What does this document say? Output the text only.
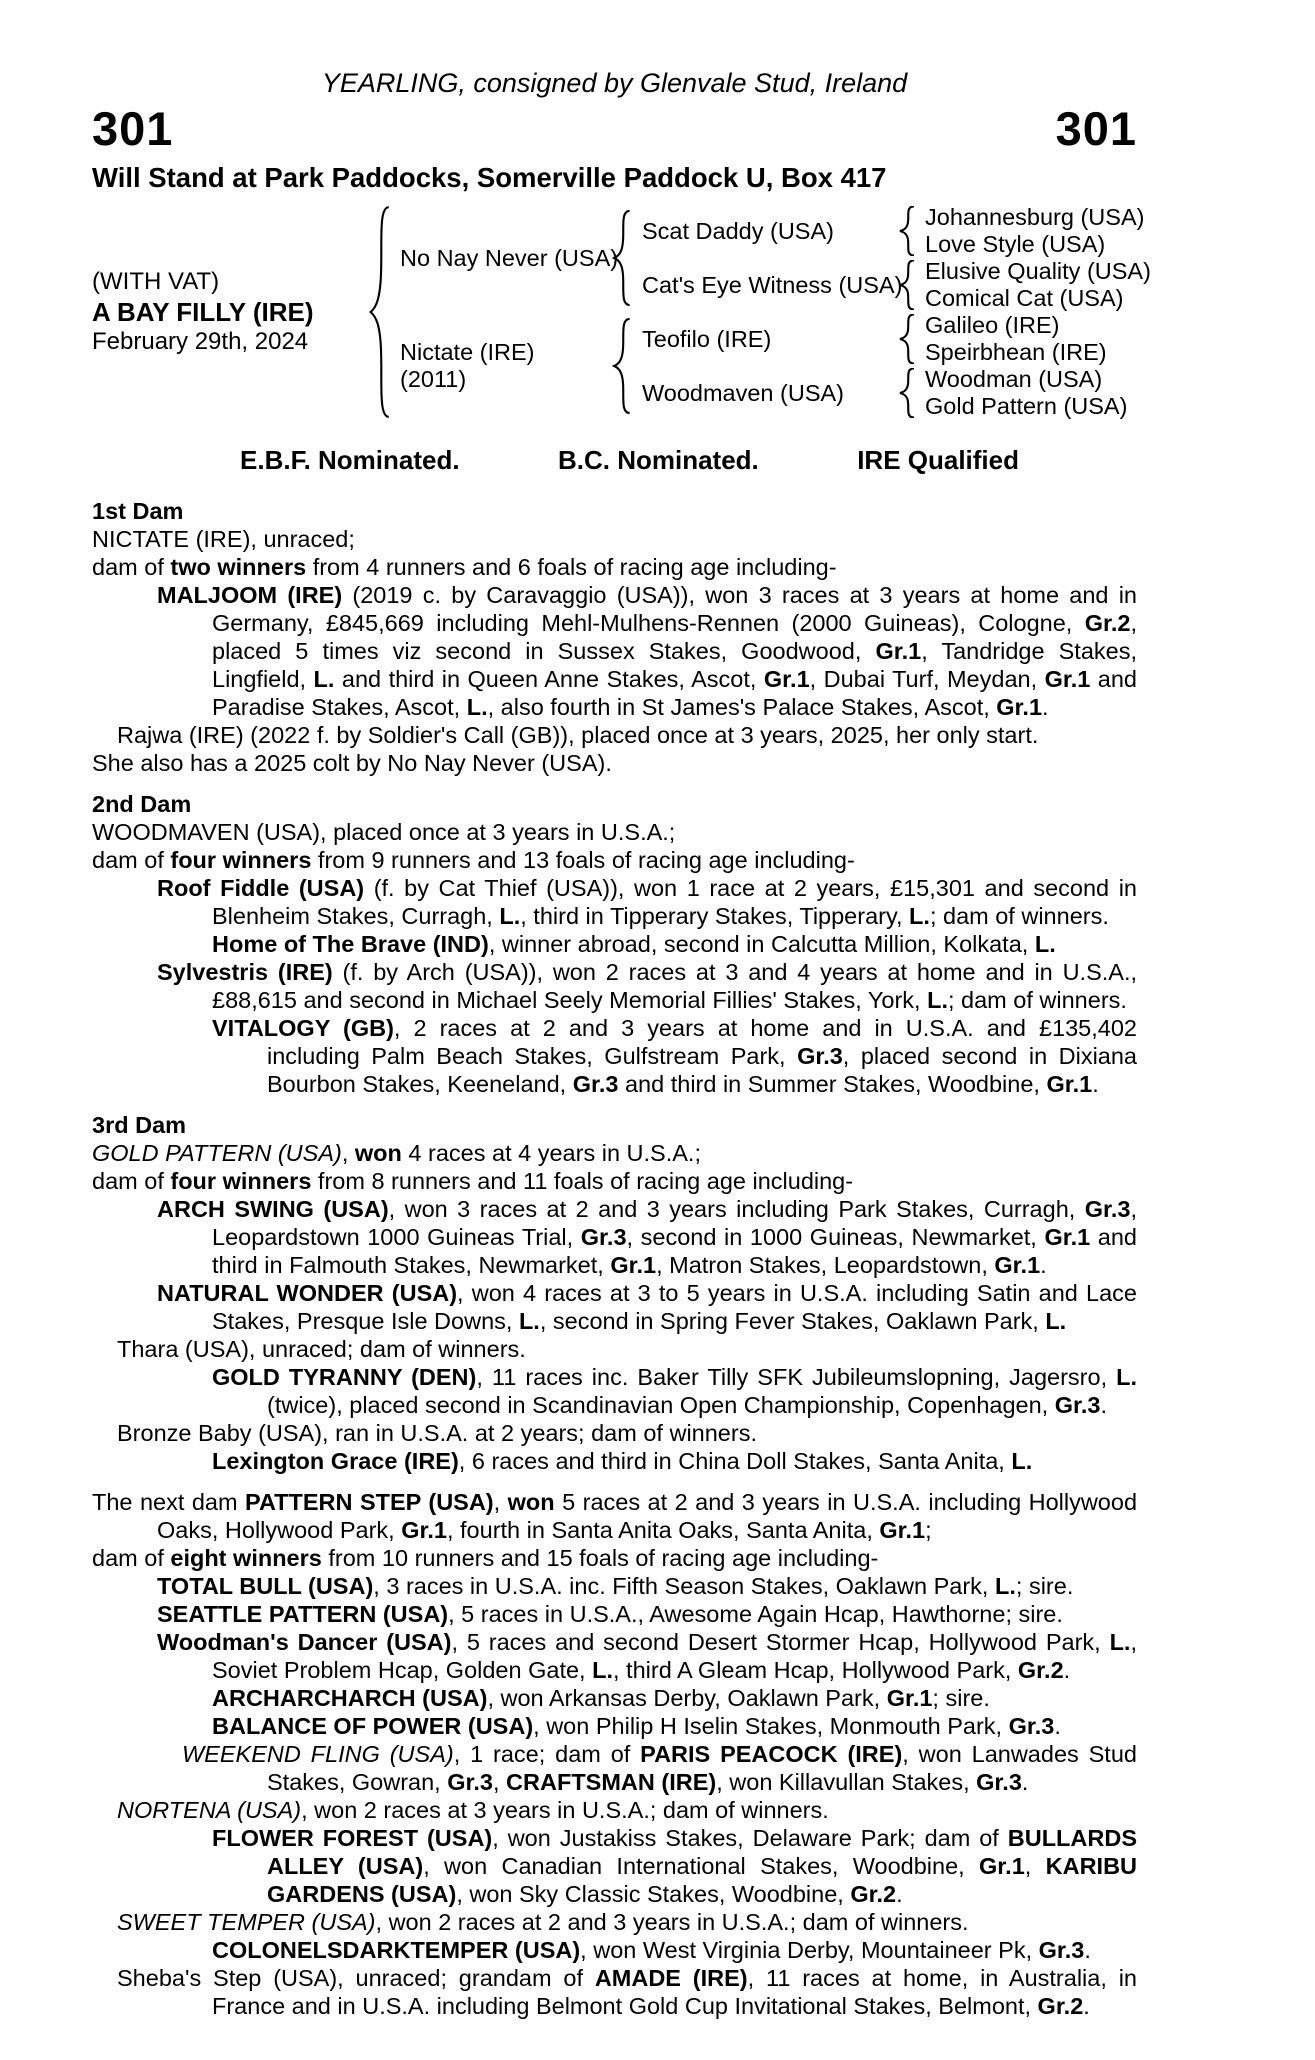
YEARLING, consigned by Glenvale Stud, Ireland
301	301
Will Stand at Park Paddocks, Somerville Paddock U, Box 417
(WITH VAT)
A BAY FILLY (IRE)
February 29th, 2024
No Nay Never (USA)
Scat Daddy (USA)
Johannesburg (USA)
Love Style (USA)
Cat's Eye Witness (USA)
Elusive Quality (USA)
Comical Cat (USA)
Nictate (IRE)
(2011)
Teofilo (IRE)
Galileo (IRE)
Speirbhean (IRE)
Woodmaven (USA)
Woodman (USA)
Gold Pattern (USA)
E.B.F. Nominated.	B.C. Nominated.	IRE Qualified

1st Dam

NICTATE (IRE), unraced;

dam of two winners from 4 runners and 6 foals of racing age including-

MALJOOM (IRE) (2019 c. by Caravaggio (USA)), won 3 races at 3 years at home and in Germany, £845,669 including Mehl-Mulhens-Rennen (2000 Guineas), Cologne, Gr.2, placed 5 times viz second in Sussex Stakes, Goodwood, Gr.1, Tandridge Stakes, Lingfield, L. and third in Queen Anne Stakes, Ascot, Gr.1, Dubai Turf, Meydan, Gr.1 and Paradise Stakes, Ascot, L., also fourth in St James's Palace Stakes, Ascot, Gr.1.

Rajwa (IRE) (2022 f. by Soldier's Call (GB)), placed once at 3 years, 2025, her only start.

She also has a 2025 colt by No Nay Never (USA).

2nd Dam

WOODMAVEN (USA), placed once at 3 years in U.S.A.;

dam of four winners from 9 runners and 13 foals of racing age including-

Roof Fiddle (USA) (f. by Cat Thief (USA)), won 1 race at 2 years, £15,301 and second in Blenheim Stakes, Curragh, L., third in Tipperary Stakes, Tipperary, L.; dam of winners.

Home of The Brave (IND), winner abroad, second in Calcutta Million, Kolkata, L.

Sylvestris (IRE) (f. by Arch (USA)), won 2 races at 3 and 4 years at home and in U.S.A., £88,615 and second in Michael Seely Memorial Fillies' Stakes, York, L.; dam of winners.

VITALOGY (GB), 2 races at 2 and 3 years at home and in U.S.A. and £135,402 including Palm Beach Stakes, Gulfstream Park, Gr.3, placed second in Dixiana Bourbon Stakes, Keeneland, Gr.3 and third in Summer Stakes, Woodbine, Gr.1.

3rd Dam

GOLD PATTERN (USA), won 4 races at 4 years in U.S.A.;

dam of four winners from 8 runners and 11 foals of racing age including-

ARCH SWING (USA), won 3 races at 2 and 3 years including Park Stakes, Curragh, Gr.3, Leopardstown 1000 Guineas Trial, Gr.3, second in 1000 Guineas, Newmarket, Gr.1 and third in Falmouth Stakes, Newmarket, Gr.1, Matron Stakes, Leopardstown, Gr.1.

NATURAL WONDER (USA), won 4 races at 3 to 5 years in U.S.A. including Satin and Lace Stakes, Presque Isle Downs, L., second in Spring Fever Stakes, Oaklawn Park, L.

Thara (USA), unraced; dam of winners.

GOLD TYRANNY (DEN), 11 races inc. Baker Tilly SFK Jubileumslopning, Jagersro, L. (twice), placed second in Scandinavian Open Championship, Copenhagen, Gr.3.

Bronze Baby (USA), ran in U.S.A. at 2 years; dam of winners.

Lexington Grace (IRE), 6 races and third in China Doll Stakes, Santa Anita, L.

The next dam PATTERN STEP (USA), won 5 races at 2 and 3 years in U.S.A. including Hollywood Oaks, Hollywood Park, Gr.1, fourth in Santa Anita Oaks, Santa Anita, Gr.1;

dam of eight winners from 10 runners and 15 foals of racing age including-

TOTAL BULL (USA), 3 races in U.S.A. inc. Fifth Season Stakes, Oaklawn Park, L.; sire.

SEATTLE PATTERN (USA), 5 races in U.S.A., Awesome Again Hcap, Hawthorne; sire.

Woodman's Dancer (USA), 5 races and second Desert Stormer Hcap, Hollywood Park, L., Soviet Problem Hcap, Golden Gate, L., third A Gleam Hcap, Hollywood Park, Gr.2.

ARCHARCHARCH (USA), won Arkansas Derby, Oaklawn Park, Gr.1; sire.

BALANCE OF POWER (USA), won Philip H Iselin Stakes, Monmouth Park, Gr.3.

WEEKEND FLING (USA), 1 race; dam of PARIS PEACOCK (IRE), won Lanwades Stud Stakes, Gowran, Gr.3, CRAFTSMAN (IRE), won Killavullan Stakes, Gr.3.

NORTENA (USA), won 2 races at 3 years in U.S.A.; dam of winners.

FLOWER FOREST (USA), won Justakiss Stakes, Delaware Park; dam of BULLARDS ALLEY (USA), won Canadian International Stakes, Woodbine, Gr.1, KARIBU GARDENS (USA), won Sky Classic Stakes, Woodbine, Gr.2.

SWEET TEMPER (USA), won 2 races at 2 and 3 years in U.S.A.; dam of winners.

COLONELSDARKTEMPER (USA), won West Virginia Derby, Mountaineer Pk, Gr.3.

Sheba's Step (USA), unraced; grandam of AMADE (IRE), 11 races at home, in Australia, in France and in U.S.A. including Belmont Gold Cup Invitational Stakes, Belmont, Gr.2.
